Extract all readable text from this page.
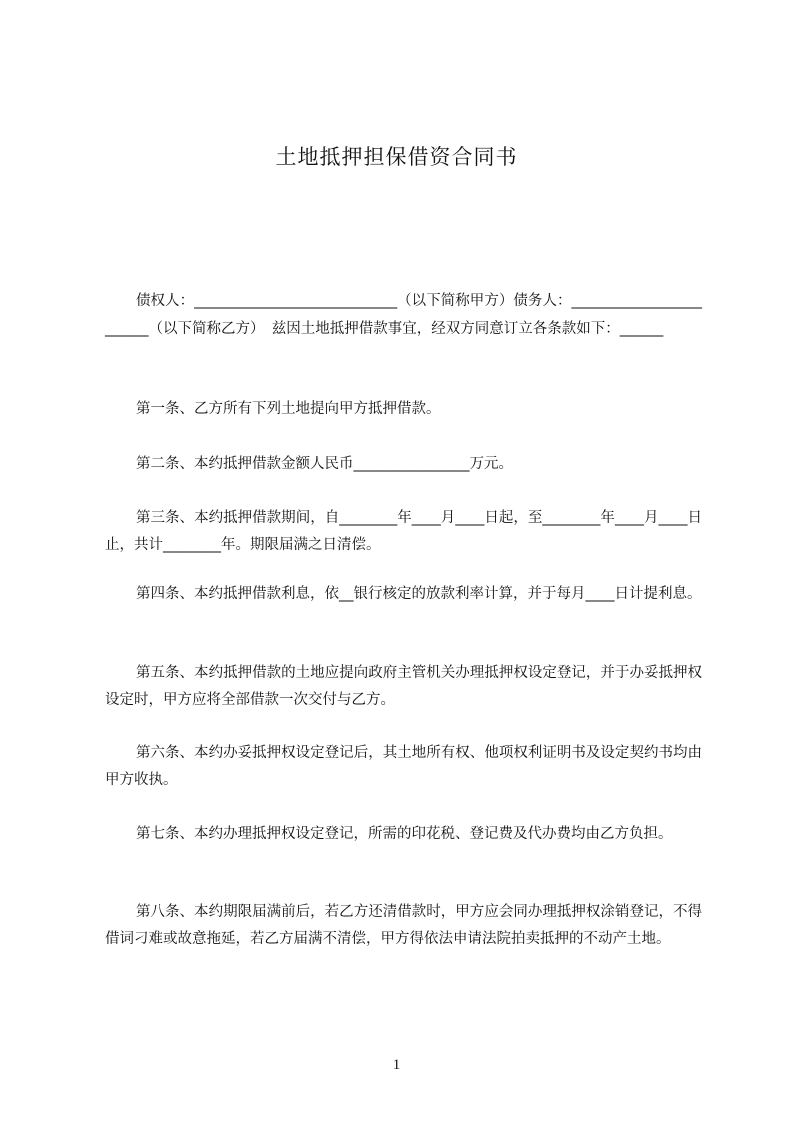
土地抵押担保借资合同书

债权人：____________________________（以下简称甲方）债务人：________________________（以下简称乙方）　兹因土地抵押借款事宜，经双方同意订立各条款如下：______

第一条、乙方所有下列土地提向甲方抵押借款。

第二条、本约抵押借款金额人民币________________万元。

第三条、本约抵押借款期间，自________年____月____日起，至________年____月____日止，共计________年。期限届满之日清偿。

第四条、本约抵押借款利息，依__银行核定的放款利率计算，并于每月____日计提利息。

第五条、本约抵押借款的土地应提向政府主管机关办理抵押权设定登记，并于办妥抵押权设定时，甲方应将全部借款一次交付与乙方。

第六条、本约办妥抵押权设定登记后，其土地所有权、他项权利证明书及设定契约书均由甲方收执。

第七条、本约办理抵押权设定登记，所需的印花税、登记费及代办费均由乙方负担。

第八条、本约期限届满前后，若乙方还清借款时，甲方应会同办理抵押权涂销登记，不得借词刁难或故意拖延，若乙方届满不清偿，甲方得依法申请法院拍卖抵押的不动产土地。

1
